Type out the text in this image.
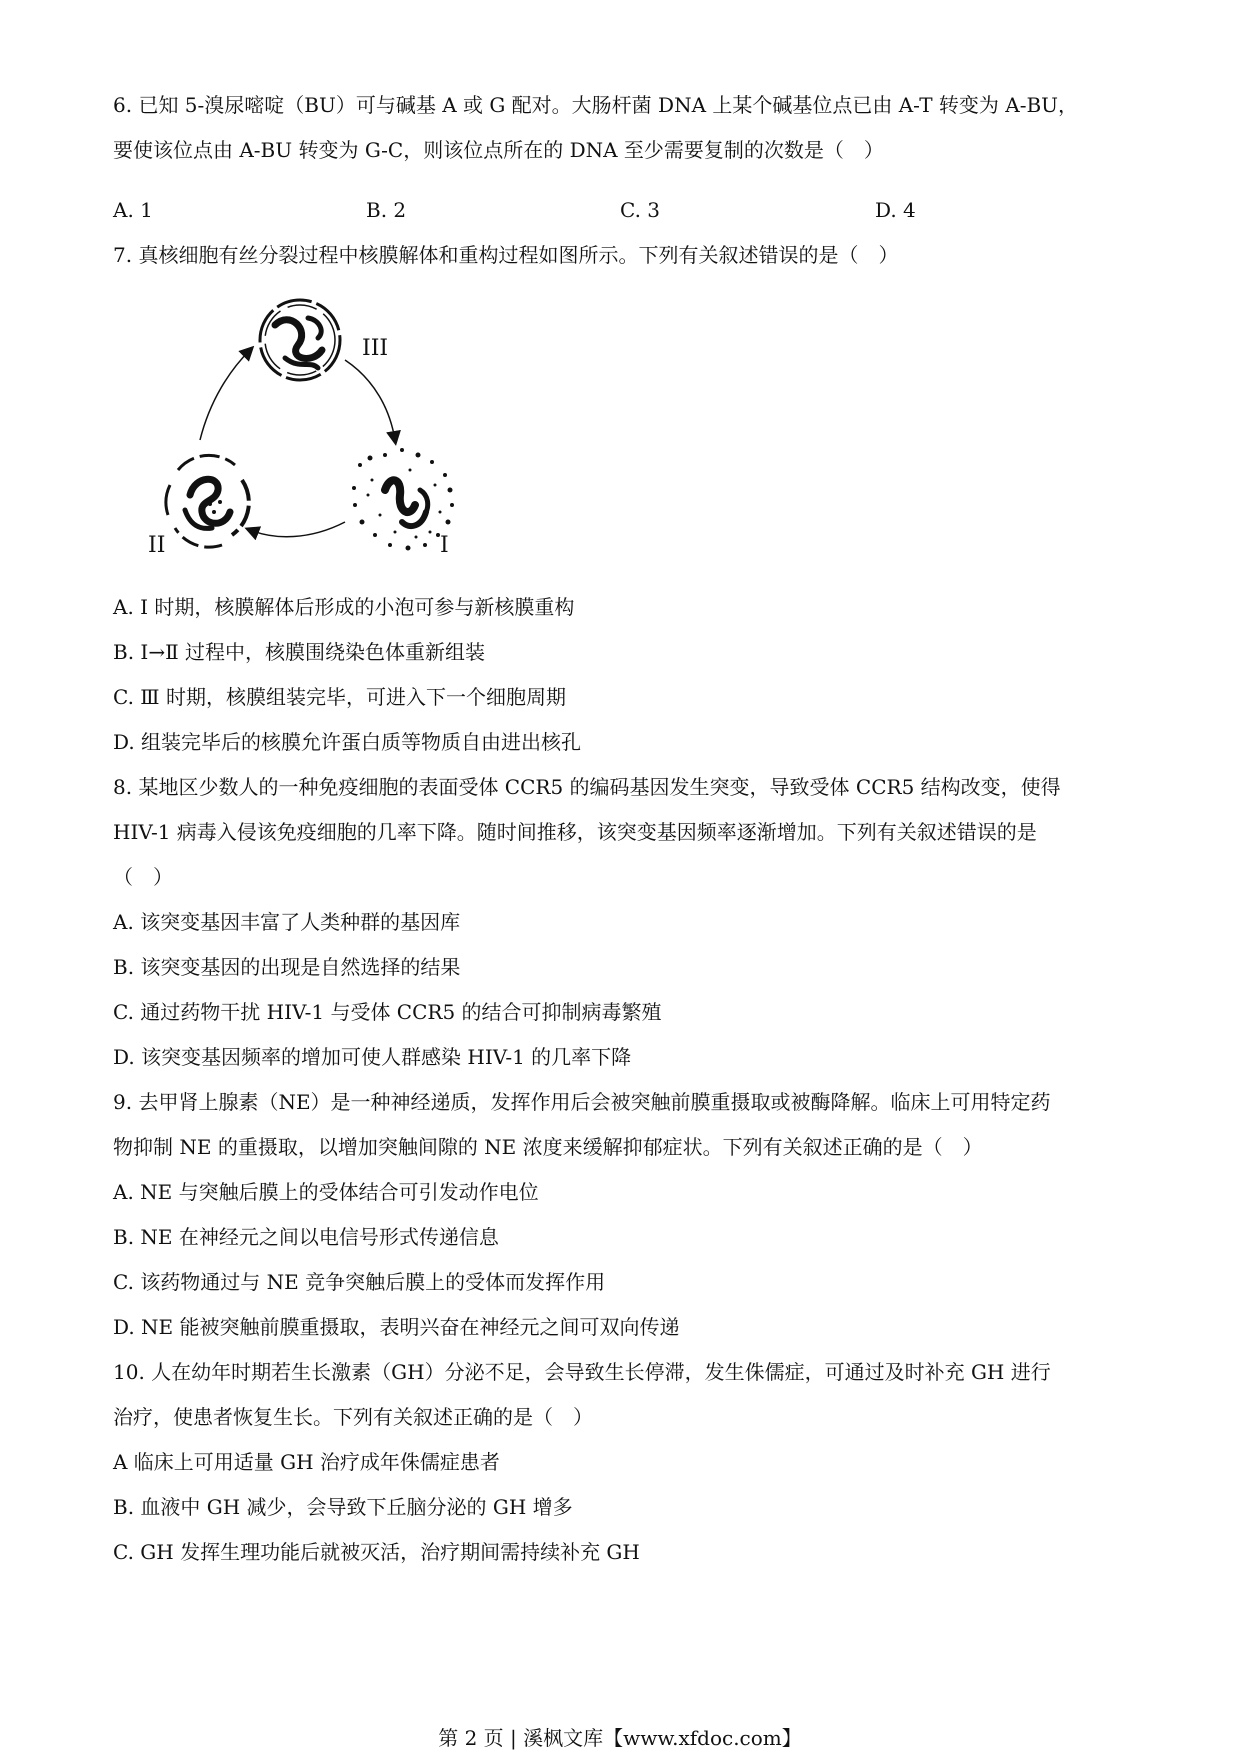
6. 已知 5-溴尿嘧啶（BU）可与碱基 A 或 G 配对。大肠杆菌 DNA 上某个碱基位点已由 A-T 转变为 A-BU，
要使该位点由 A-BU 转变为 G-C，则该位点所在的 DNA 至少需要复制的次数是（　）
A. 1	B. 2	C. 3	D. 4
7. 真核细胞有丝分裂过程中核膜解体和重构过程如图所示。下列有关叙述错误的是（　）
III
I
II
A. Ⅰ 时期，核膜解体后形成的小泡可参与新核膜重构
B. Ⅰ→Ⅱ 过程中，核膜围绕染色体重新组装
C. Ⅲ 时期，核膜组装完毕，可进入下一个细胞周期
D. 组装完毕后的核膜允许蛋白质等物质自由进出核孔
8. 某地区少数人的一种免疫细胞的表面受体 CCR5 的编码基因发生突变，导致受体 CCR5 结构改变，使得
HIV-1 病毒入侵该免疫细胞的几率下降。随时间推移，该突变基因频率逐渐增加。下列有关叙述错误的是
（　）
A. 该突变基因丰富了人类种群的基因库
B. 该突变基因的出现是自然选择的结果
C. 通过药物干扰 HIV-1 与受体 CCR5 的结合可抑制病毒繁殖
D. 该突变基因频率的增加可使人群感染 HIV-1 的几率下降
9. 去甲肾上腺素（NE）是一种神经递质，发挥作用后会被突触前膜重摄取或被酶降解。临床上可用特定药
物抑制 NE 的重摄取，以增加突触间隙的 NE 浓度来缓解抑郁症状。下列有关叙述正确的是（　）
A. NE 与突触后膜上的受体结合可引发动作电位
B. NE 在神经元之间以电信号形式传递信息
C. 该药物通过与 NE 竞争突触后膜上的受体而发挥作用
D. NE 能被突触前膜重摄取，表明兴奋在神经元之间可双向传递
10. 人在幼年时期若生长激素（GH）分泌不足，会导致生长停滞，发生侏儒症，可通过及时补充 GH 进行
治疗，使患者恢复生长。下列有关叙述正确的是（　）
A 临床上可用适量 GH 治疗成年侏儒症患者
B. 血液中 GH 减少，会导致下丘脑分泌的 GH 增多
C. GH 发挥生理功能后就被灭活，治疗期间需持续补充 GH
第 2 页 | 溪枫文库【www.xfdoc.com】
